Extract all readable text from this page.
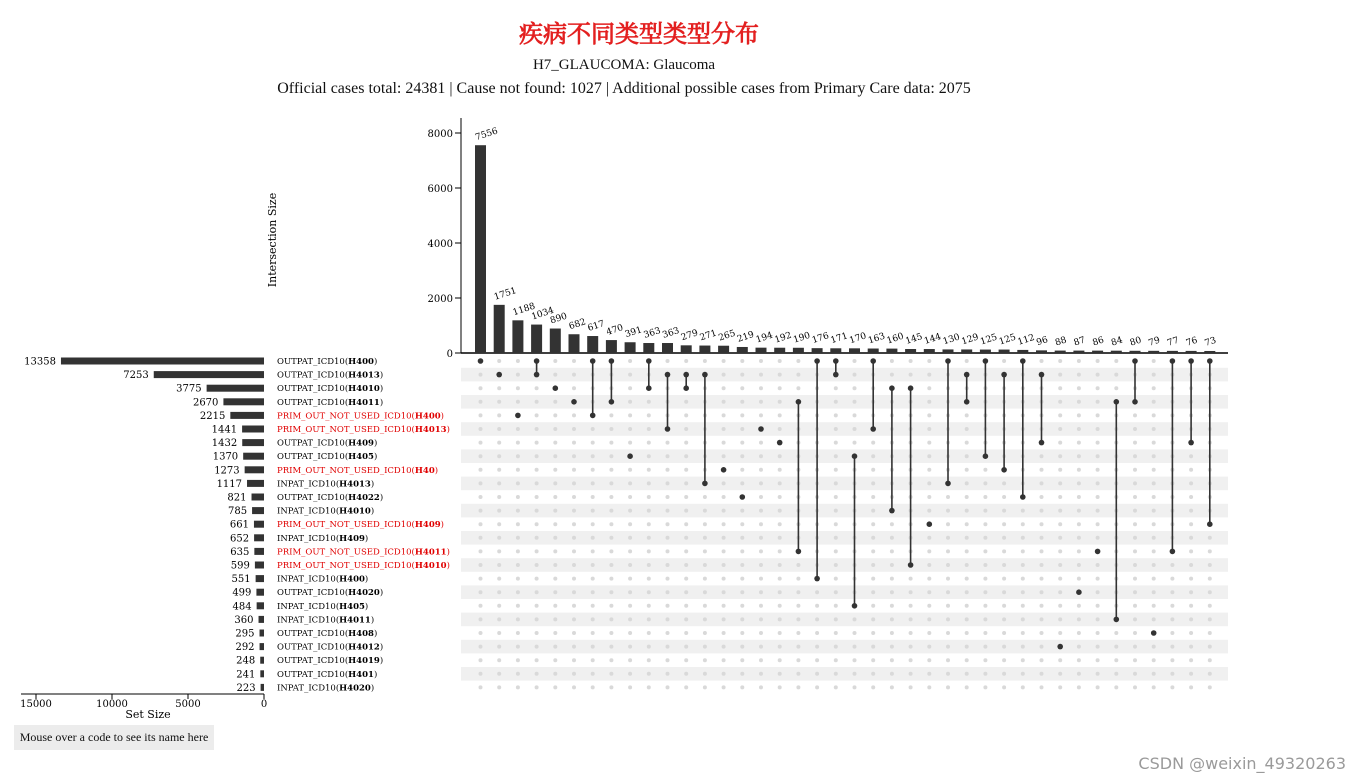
疾病不同类型类型分布
H7_GLAUCOMA: Glaucoma
Official cases total: 24381 | Cause not found: 1027 | Additional possible cases from Primary Care data: 2075
0
2000
4000
6000
8000
Intersection Size
7556
1751
1188
1034
890 682 617 470 391 363 363 279 271 265 219 194 192 190 176 171 170 163 160 145 144 130 129 125 125 112 96 88 87 86 84 80 79 77 76 73
13358	OUTPAT_ICD10(H400)
7253	OUTPAT_ICD10(H4013)
3775	OUTPAT_ICD10(H4010)
2670	OUTPAT_ICD10(H4011)
2215	PRIM_OUT_NOT_USED_ICD10(H400)
1441	PRIM_OUT_NOT_USED_ICD10(H4013)
1432	OUTPAT_ICD10(H409)
1370	OUTPAT_ICD10(H405)
1273	PRIM_OUT_NOT_USED_ICD10(H40)
1117	INPAT_ICD10(H4013)
821	OUTPAT_ICD10(H4022)
785	INPAT_ICD10(H4010)
661	PRIM_OUT_NOT_USED_ICD10(H409)
652	INPAT_ICD10(H409)
635	PRIM_OUT_NOT_USED_ICD10(H4011)
599	PRIM_OUT_NOT_USED_ICD10(H4010)
551	INPAT_ICD10(H400)
499	OUTPAT_ICD10(H4020)
484	INPAT_ICD10(H405)
360	INPAT_ICD10(H4011)
295	OUTPAT_ICD10(H408)
292	OUTPAT_ICD10(H4012)
248	OUTPAT_ICD10(H4019)
241	OUTPAT_ICD10(H401)
223	INPAT_ICD10(H4020)
15000	10000	5000	0
Set Size
Mouse over a code to see its name here
CSDN @weixin_49320263
